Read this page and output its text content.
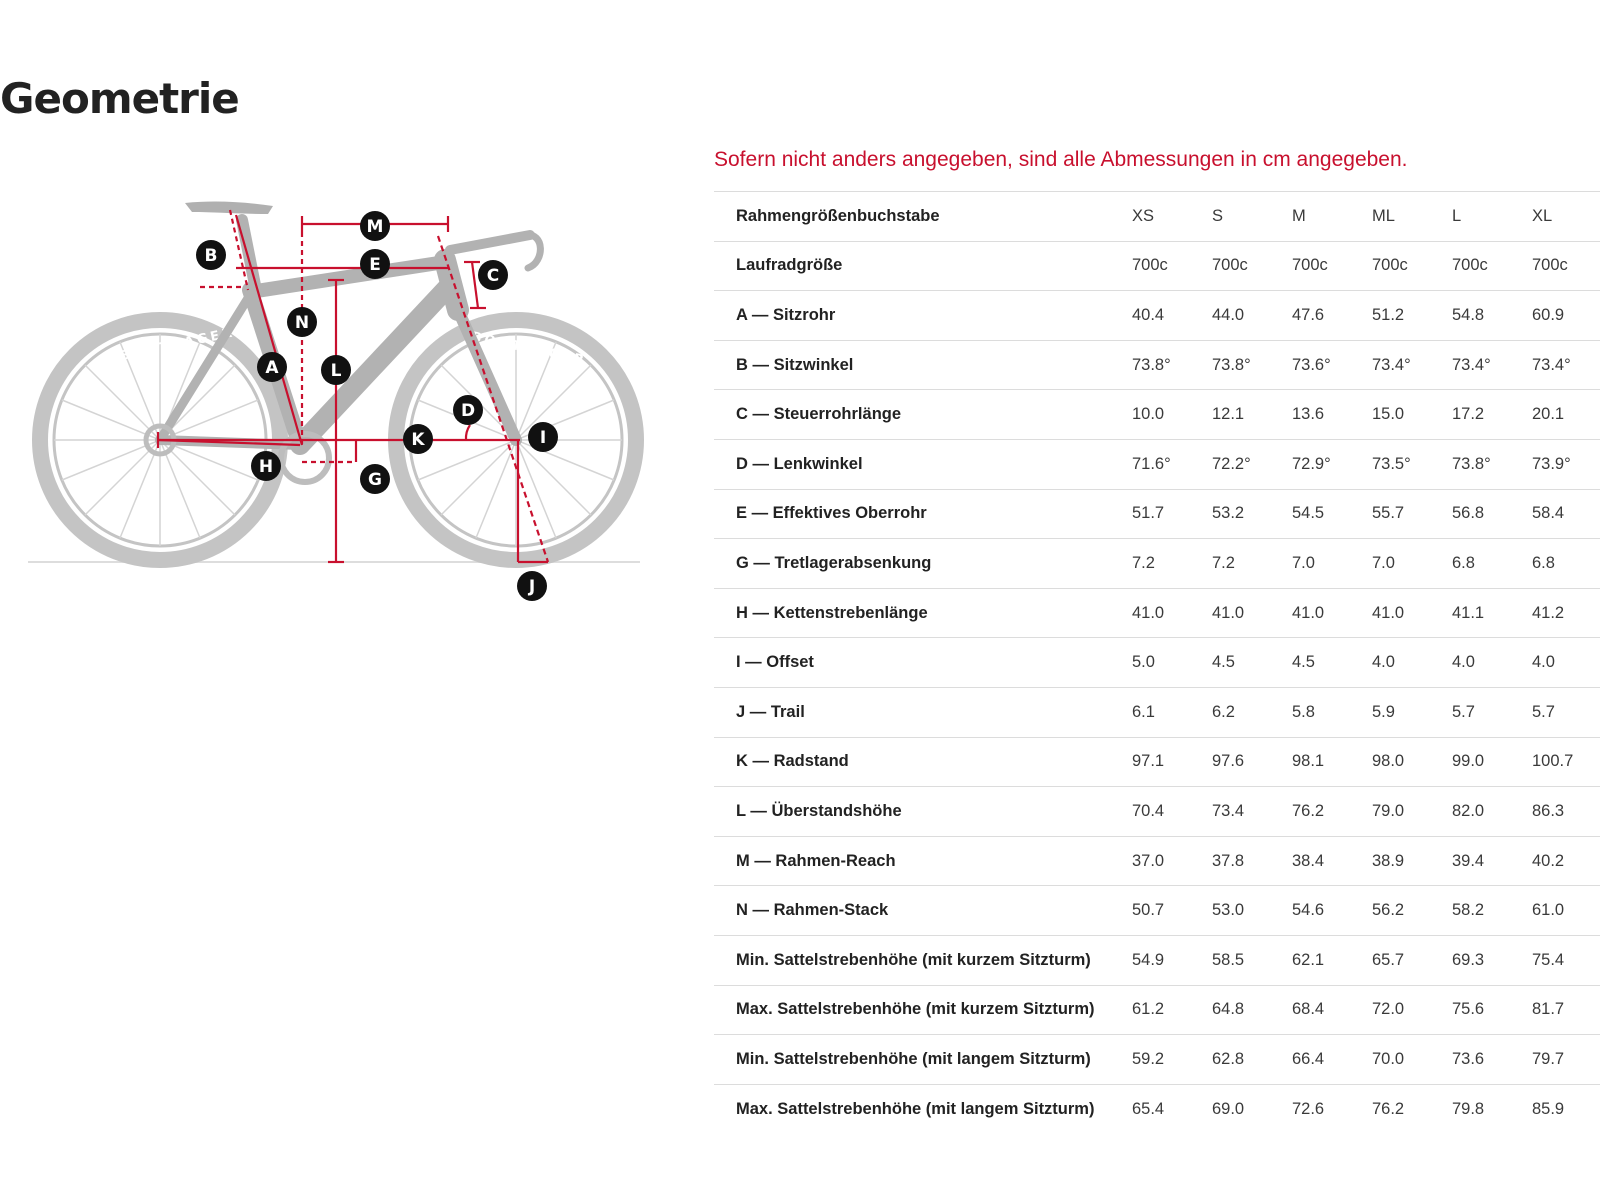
Geometrie
BONTRAGER	BONTRAGER
TREK
A
B
C
D
E
G
H
I
J
K
L
M
N
Sofern nicht anders angegeben, sind alle Abmessungen in cm angegeben.
Rahmengrößenbuchstabe	XS	S	M	ML	L	XL
Laufradgröße	700c	700c	700c	700c	700c	700c
A — Sitzrohr	40.4	44.0	47.6	51.2	54.8	60.9
B — Sitzwinkel	73.8°	73.8°	73.6°	73.4°	73.4°	73.4°
C — Steuerrohrlänge	10.0	12.1	13.6	15.0	17.2	20.1
D — Lenkwinkel	71.6°	72.2°	72.9°	73.5°	73.8°	73.9°
E — Effektives Oberrohr	51.7	53.2	54.5	55.7	56.8	58.4
G — Tretlagerabsenkung	7.2	7.2	7.0	7.0	6.8	6.8
H — Kettenstrebenlänge	41.0	41.0	41.0	41.0	41.1	41.2
I — Offset	5.0	4.5	4.5	4.0	4.0	4.0
J — Trail	6.1	6.2	5.8	5.9	5.7	5.7
K — Radstand	97.1	97.6	98.1	98.0	99.0	100.7
L — Überstandshöhe	70.4	73.4	76.2	79.0	82.0	86.3
M — Rahmen-Reach	37.0	37.8	38.4	38.9	39.4	40.2
N — Rahmen-Stack	50.7	53.0	54.6	56.2	58.2	61.0
Min. Sattelstrebenhöhe (mit kurzem Sitzturm)	54.9	58.5	62.1	65.7	69.3	75.4
Max. Sattelstrebenhöhe (mit kurzem Sitzturm)	61.2	64.8	68.4	72.0	75.6	81.7
Min. Sattelstrebenhöhe (mit langem Sitzturm)	59.2	62.8	66.4	70.0	73.6	79.7
Max. Sattelstrebenhöhe (mit langem Sitzturm)	65.4	69.0	72.6	76.2	79.8	85.9
